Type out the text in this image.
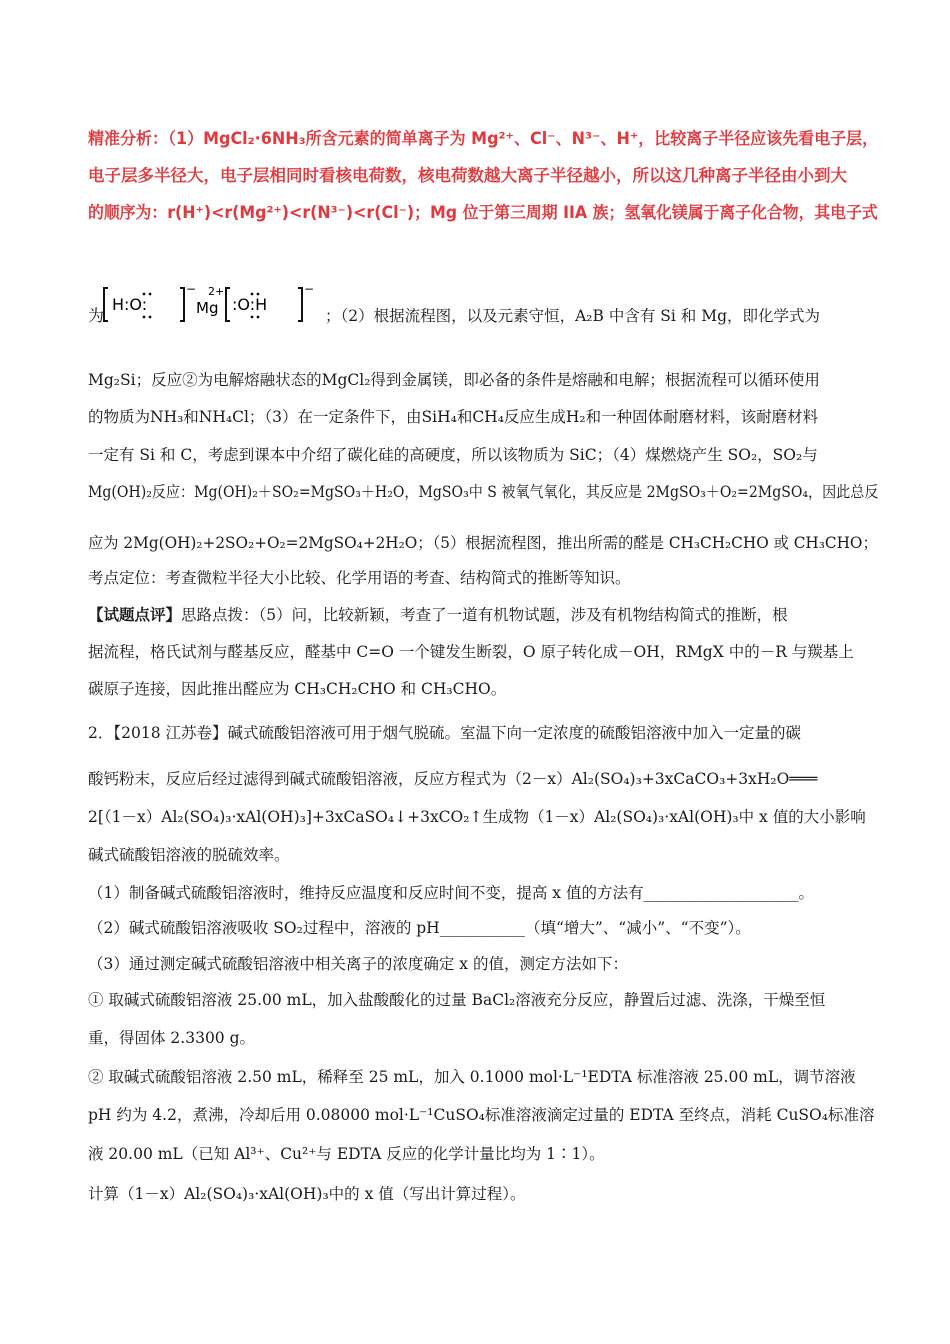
精准分析：（1）MgCl₂·6NH₃所含元素的简单离子为 Mg²⁺、Cl⁻、N³⁻、H⁺，比较离子半径应该先看电子层，
电子层多半径大，电子层相同时看核电荷数，核电荷数越大离子半径越小，所以这几种离子半径由小到大
的顺序为：r(H⁺)<r(Mg²⁺)<r(N³⁻)<r(Cl⁻)；Mg 位于第三周期 IIA 族；氢氧化镁属于离子化合物，其电子式
为
H:O:
−
Mg
2+
:O:H
−
；（2）根据流程图，以及元素守恒，A₂B 中含有 Si 和 Mg，即化学式为
Mg₂Si；反应②为电解熔融状态的MgCl₂得到金属镁，即必备的条件是熔融和电解；根据流程可以循环使用
的物质为NH₃和NH₄Cl；（3）在一定条件下，由SiH₄和CH₄反应生成H₂和一种固体耐磨材料，该耐磨材料
一定有 Si 和 C，考虑到课本中介绍了碳化硅的高硬度，所以该物质为 SiC；（4）煤燃烧产生 SO₂，SO₂与
Mg(OH)₂反应：Mg(OH)₂＋SO₂=MgSO₃＋H₂O，MgSO₃中 S 被氧气氧化，其反应是 2MgSO₃＋O₂=2MgSO₄，因此总反
应为 2Mg(OH)₂+2SO₂+O₂=2MgSO₄+2H₂O；（5）根据流程图，推出所需的醛是 CH₃CH₂CHO 或 CH₃CHO；
考点定位：考查微粒半径大小比较、化学用语的考查、结构简式的推断等知识。
【试题点评】思路点拨：（5）问，比较新颖，考查了一道有机物试题，涉及有机物结构简式的推断，根
据流程，格氏试剂与醛基反应，醛基中 C=O 一个键发生断裂，O 原子转化成－OH，RMgX 中的－R 与羰基上
碳原子连接，因此推出醛应为 CH₃CH₂CHO 和 CH₃CHO。
2．【2018 江苏卷】碱式硫酸铝溶液可用于烟气脱硫。室温下向一定浓度的硫酸铝溶液中加入一定量的碳
酸钙粉末，反应后经过滤得到碱式硫酸铝溶液，反应方程式为（2－x）Al₂(SO₄)₃+3xCaCO₃+3xH₂O═══
2[（1－x）Al₂(SO₄)₃·xAl(OH)₃]+3xCaSO₄↓+3xCO₂↑生成物（1－x）Al₂(SO₄)₃·xAl(OH)₃中 x 值的大小影响
碱式硫酸铝溶液的脱硫效率。
（1）制备碱式硫酸铝溶液时，维持反应温度和反应时间不变，提高 x 值的方法有____________________。
（2）碱式硫酸铝溶液吸收 SO₂过程中，溶液的 pH___________（填“增大”、“减小”、“不变”）。
（3）通过测定碱式硫酸铝溶液中相关离子的浓度确定 x 的值，测定方法如下：
① 取碱式硫酸铝溶液 25.00 mL，加入盐酸酸化的过量 BaCl₂溶液充分反应，静置后过滤、洗涤，干燥至恒
重，得固体 2.3300 g。
② 取碱式硫酸铝溶液 2.50 mL，稀释至 25 mL，加入 0.1000 mol·L⁻¹EDTA 标准溶液 25.00 mL，调节溶液
pH 约为 4.2，煮沸，冷却后用 0.08000 mol·L⁻¹CuSO₄标准溶液滴定过量的 EDTA 至终点，消耗 CuSO₄标准溶
液 20.00 mL（已知 Al³⁺、Cu²⁺与 EDTA 反应的化学计量比均为 1∶1）。
计算（1－x）Al₂(SO₄)₃·xAl(OH)₃中的 x 值（写出计算过程）。
